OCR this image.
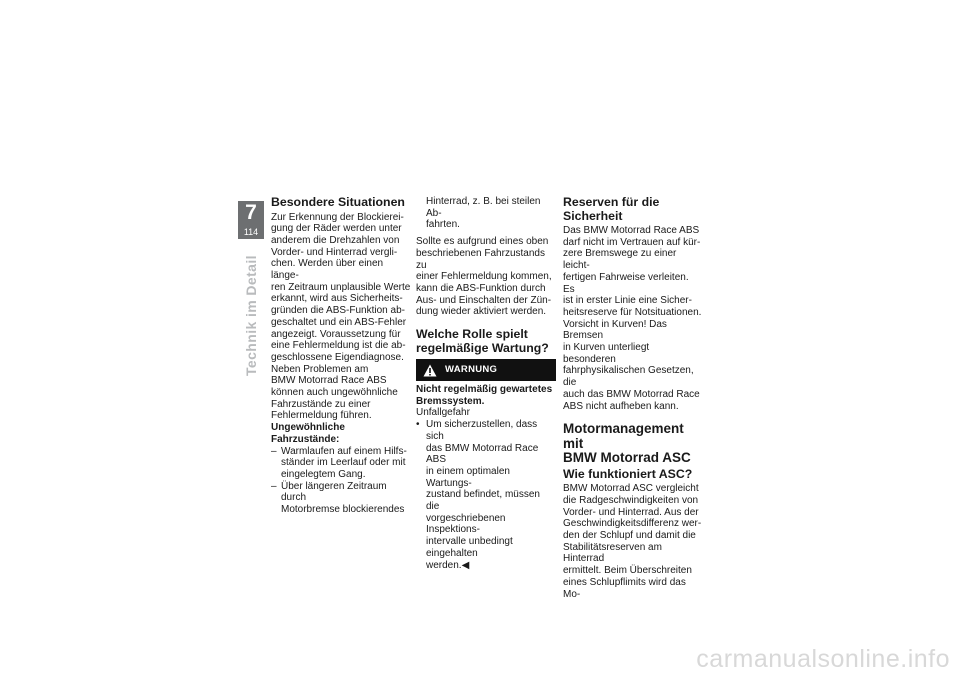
7
114
Technik im Detail
Besondere Situationen

Zur Erkennung der Blockierei-
gung der Räder werden unter
anderem die Drehzahlen von
Vorder- und Hinterrad vergli-
chen. Werden über einen länge-
ren Zeitraum unplausible Werte
erkannt, wird aus Sicherheits-
gründen die ABS-Funktion ab-
geschaltet und ein ABS-Fehler
angezeigt. Voraussetzung für
eine Fehlermeldung ist die ab-
geschlossene Eigendiagnose.

Neben Problemen am
BMW Motorrad Race ABS
können auch ungewöhnliche
Fahrzustände zu einer
Fehlermeldung führen.

Ungewöhnliche
Fahrzustände:

– Warmlaufen auf einem Hilfs-
ständer im Leerlauf oder mit
eingelegtem Gang.
– Über längeren Zeitraum durch
Motorbremse blockierendes

Hinterrad, z. B. bei steilen Ab-
fahrten.

Sollte es aufgrund eines oben
beschriebenen Fahrzustands zu
einer Fehlermeldung kommen,
kann die ABS-Funktion durch
Aus- und Einschalten der Zün-
dung wieder aktiviert werden.

Welche Rolle spielt
regelmäßige Wartung?
WARNUNG

Nicht regelmäßig gewartetes
Bremssystem.

Unfallgefahr

• Um sicherzustellen, dass sich
das BMW Motorrad Race ABS
in einem optimalen Wartungs-
zustand befindet, müssen die
vorgeschriebenen Inspektions-
intervalle unbedingt eingehalten
werden.◀
Reserven für die
Sicherheit

Das BMW Motorrad Race ABS
darf nicht im Vertrauen auf kür-
zere Bremswege zu einer leicht-
fertigen Fahrweise verleiten. Es
ist in erster Linie eine Sicher-
heitsreserve für Notsituationen.

Vorsicht in Kurven! Das Bremsen
in Kurven unterliegt besonderen
fahrphysikalischen Gesetzen, die
auch das BMW Motorrad Race
ABS nicht aufheben kann.

Motormanagement mit
BMW Motorrad ASC
Wie funktioniert ASC?

BMW Motorrad ASC vergleicht
die Radgeschwindigkeiten von
Vorder- und Hinterrad. Aus der
Geschwindigkeitsdifferenz wer-
den der Schlupf und damit die
Stabilitätsreserven am Hinterrad
ermittelt. Beim Überschreiten
eines Schlupflimits wird das Mo-

carmanualsonline.info
